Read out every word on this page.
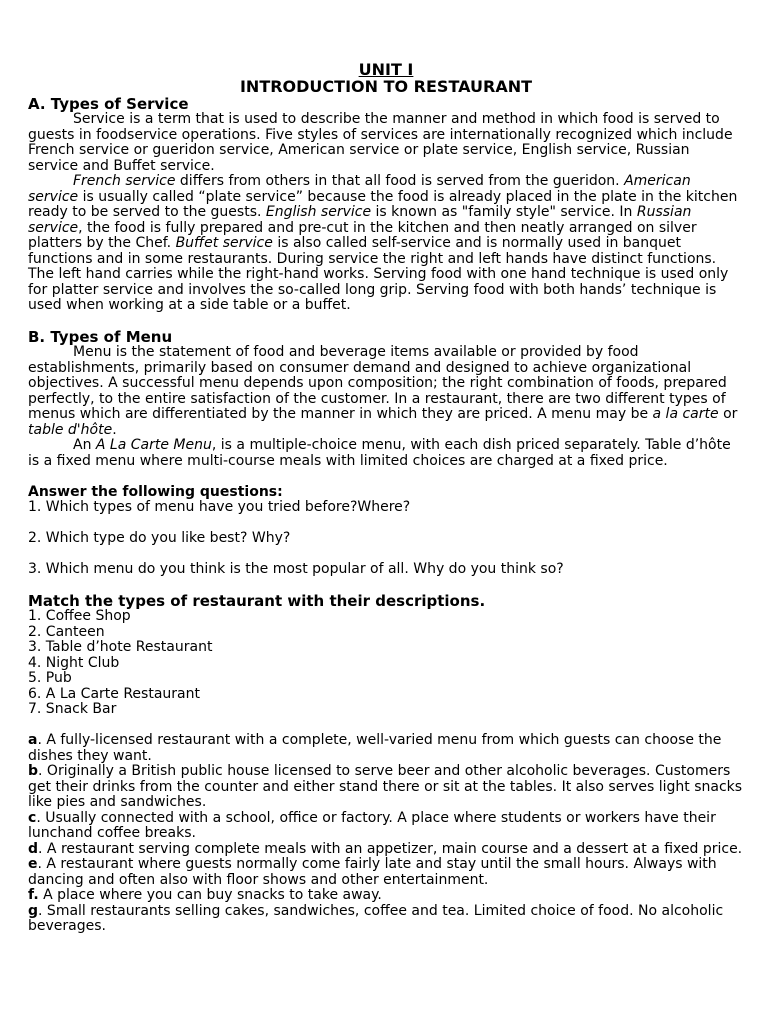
UNIT I

INTRODUCTION TO RESTAURANT

A. Types of Service

Service is a term that is used to describe the manner and method in which food is served to guests in foodservice operations. Five styles of services are internationally recognized which include French service or gueridon service, American service or plate service, English service, Russian service and Buffet service.

French service differs from others in that all food is served from the gueridon. American service is usually called “plate service” because the food is already placed in the plate in the kitchen ready to be served to the guests. English service is known as "family style" service. In Russian service, the food is fully prepared and pre-cut in the kitchen and then neatly arranged on silver platters by the Chef. Buffet service is also called self-service and is normally used in banquet functions and in some restaurants. During service the right and left hands have distinct functions. The left hand carries while the right-hand works. Serving food with one hand technique is used only for platter service and involves the so-called long grip. Serving food with both hands’ technique is used when working at a side table or a buffet.

B. Types of Menu

Menu is the statement of food and beverage items available or provided by food establishments, primarily based on consumer demand and designed to achieve organizational objectives. A successful menu depends upon composition; the right combination of foods, prepared perfectly, to the entire satisfaction of the customer. In a restaurant, there are two different types of menus which are differentiated by the manner in which they are priced. A menu may be a la carte or table d'hôte.

An A La Carte Menu, is a multiple-choice menu, with each dish priced separately. Table d’hôte is a fixed menu where multi-course meals with limited choices are charged at a fixed price.

Answer the following questions:

1. Which types of menu have you tried before?Where?

2. Which type do you like best? Why?

3. Which menu do you think is the most popular of all. Why do you think so?

Match the types of restaurant with their descriptions.

1. Coffee Shop

2. Canteen

3. Table d’hote Restaurant

4. Night Club

5. Pub

6. A La Carte Restaurant

7. Snack Bar

a. A fully-licensed restaurant with a complete, well-varied menu from which guests can choose the dishes they want.

b. Originally a British public house licensed to serve beer and other alcoholic beverages. Customers get their drinks from the counter and either stand there or sit at the tables. It also serves light snacks like pies and sandwiches.

c. Usually connected with a school, office or factory. A place where students or workers have their lunchand coffee breaks.

d. A restaurant serving complete meals with an appetizer, main course and a dessert at a fixed price.

e. A restaurant where guests normally come fairly late and stay until the small hours. Always with dancing and often also with floor shows and other entertainment.

f. A place where you can buy snacks to take away.

g. Small restaurants selling cakes, sandwiches, coffee and tea. Limited choice of food. No alcoholic beverages.
